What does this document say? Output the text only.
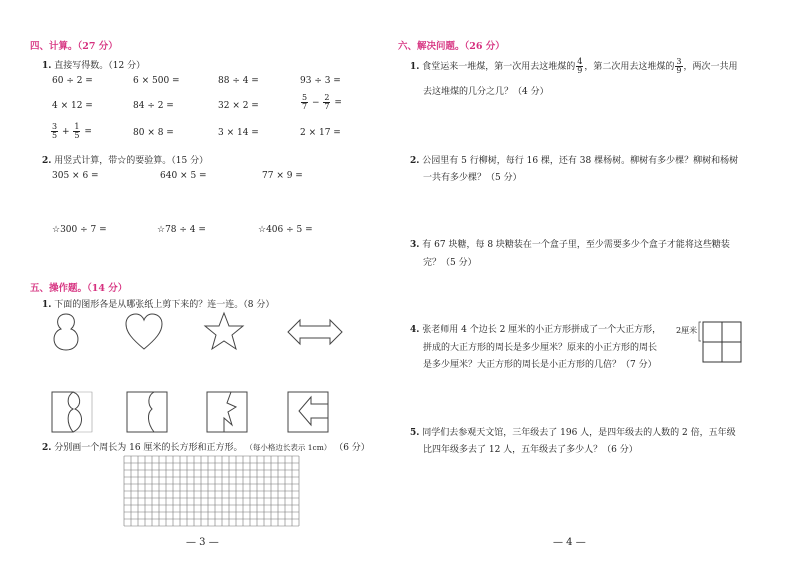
四、计算。（27 分）
1. 直接写得数。（12 分）
60 ÷ 2 =	6 × 500 =	88 ÷ 4 =	93 ÷ 3 =
4 × 12 =	84 ÷ 2 =	32 × 2 =	$\frac{5}{7} - \frac{2}{7}$ =
$\frac{3}{5} + \frac{1}{5}$ =	80 × 8 =	3 × 14 =	2 × 17 =
2. 用竖式计算，带☆的要验算。（15 分）
305 × 6 =	640 × 5 =	77 × 9 =
☆300 ÷ 7 =	☆78 ÷ 4 =	☆406 ÷ 5 =
五、操作题。（14 分）
1. 下面的图形各是从哪张纸上剪下来的？连一连。（8 分）
2. 分别画一个周长为 16 厘米的长方形和正方形。 （每小格边长表示 1cm） （6 分）
— 3 —
六、解决问题。（26 分）
1. 食堂运来一堆煤，第一次用去这堆煤的 $\frac{4}{9}$ ，第二次用去这堆煤的 $\frac{3}{9}$ ，两次一共用
去这堆煤的几分之几？（4 分）
2. 公园里有 5 行柳树，每行 16 棵，还有 38 棵杨树。柳树有多少棵？柳树和杨树
一共有多少棵？（5 分）
3. 有 67 块糖，每 8 块糖装在一个盒子里，至少需要多少个盒子才能将这些糖装
完？（5 分）
4. 张老师用 4 个边长 2 厘米的小正方形拼成了一个大正方形，
拼成的大正方形的周长是多少厘米？原来的小正方形的周长
是多少厘米？大正方形的周长是小正方形的几倍？（7 分）
2厘米
5. 同学们去参观天文馆，三年级去了 196 人，是四年级去的人数的 2 倍，五年级
比四年级多去了 12 人，五年级去了多少人？（6 分）
— 4 —
